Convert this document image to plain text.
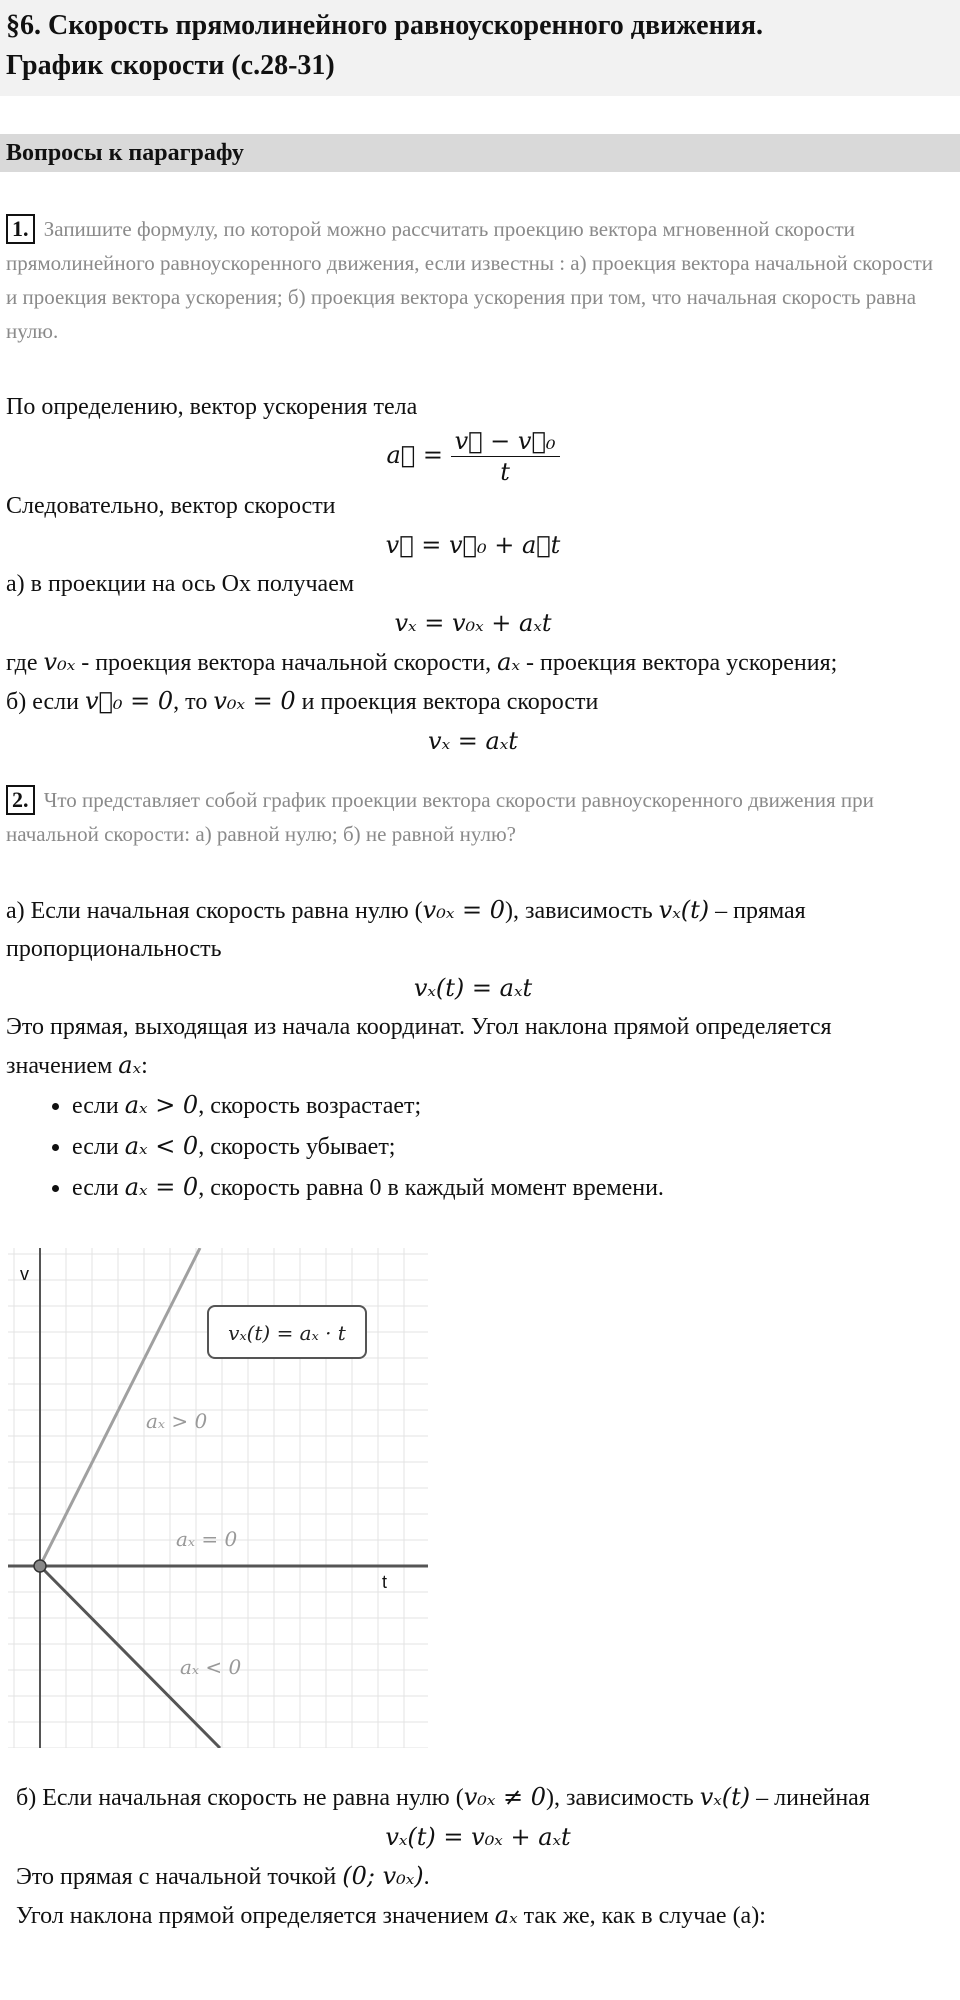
§6. Скорость прямолинейного равноускоренного движения.
График скорости (с.28-31)
Вопросы к параграфу
1. Запишите формулу, по которой можно рассчитать проекцию вектора мгновенной скорости прямолинейного равноускоренного движения, если известны : а) проекция вектора начальной скорости и проекция вектора ускорения; б) проекция вектора ускорения при том, что начальная скорость равна нулю.

По определению, вектор ускорения тела

a⃗ = $\frac{\text{v⃗ − v⃗₀}}{t}$

Следовательно, вектор скорости

v⃗ = v⃗₀ + a⃗t

а) в проекции на ось Ox получаем

vₓ = v₀ₓ + aₓt

где v₀ₓ - проекция вектора начальной скорости, aₓ - проекция вектора ускорения;

б) если v⃗₀ = 0, то v₀ₓ = 0 и проекция вектора скорости

vₓ = aₓt
2. Что представляет собой график проекции вектора скорости равноускоренного движения при начальной скорости: а) равной нулю; б) не равной нулю?

а) Если начальная скорость равна нулю (v₀ₓ = 0), зависимость vₓ(t) – прямая пропорциональность

vₓ(t) = aₓt

Это прямая, выходящая из начала координат. Угол наклона прямой определяется значением aₓ:

• если aₓ > 0, скорость возрастает;
• если aₓ < 0, скорость убывает;
• если aₓ = 0, скорость равна 0 в каждый момент времени.
v
t
vₓ(t) = aₓ · t
aₓ > 0
aₓ = 0
aₓ < 0

б) Если начальная скорость не равна нулю (v₀ₓ ≠ 0), зависимость vₓ(t) – линейная

vₓ(t) = v₀ₓ + aₓt

Это прямая с начальной точкой (0; v₀ₓ).

Угол наклона прямой определяется значением aₓ так же, как в случае (а):
